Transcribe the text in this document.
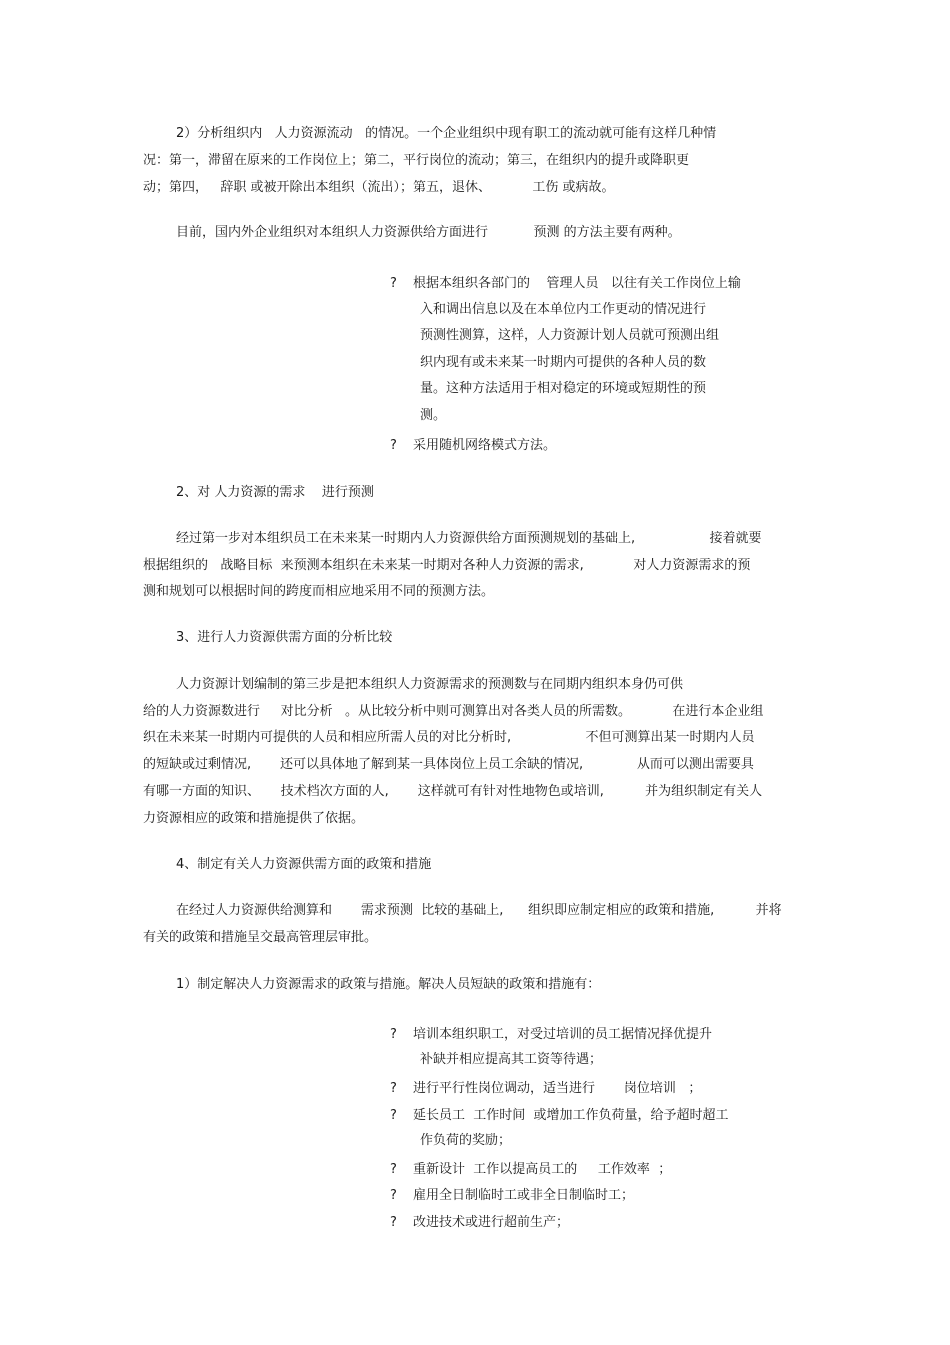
2）分析组织内   人力资源流动   的情况。一个企业组织中现有职工的流动就可能有这样几种情
况：第一，滞留在原来的工作岗位上；第二，平行岗位的流动；第三，在组织内的提升或降职更
动；第四，   辞职 或被开除出本组织（流出）；第五，退休、          工伤 或病故。
目前，国内外企业组织对本组织人力资源供给方面进行           预测 的方法主要有两种。
? 根据本组织各部门的    管理人员   以往有关工作岗位上输
入和调出信息以及在本单位内工作更动的情况进行
预测性测算，这样，人力资源计划人员就可预测出组
织内现有或未来某一时期内可提供的各种人员的数
量。这种方法适用于相对稳定的环境或短期性的预
测。
? 采用随机网络模式方法。
2、对 人力资源的需求    进行预测
经过第一步对本组织员工在未来某一时期内人力资源供给方面预测规划的基础上,                  接着就要
根据组织的   战略目标  来预测本组织在未来某一时期对各种人力资源的需求,            对人力资源需求的预
测和规划可以根据时间的跨度而相应地采用不同的预测方法。
3、进行人力资源供需方面的分析比较
人力资源计划编制的第三步是把本组织人力资源需求的预测数与在同期内组织本身仍可供
给的人力资源数进行     对比分析   。从比较分析中则可测算出对各类人员的所需数。          在进行本企业组
织在未来某一时期内可提供的人员和相应所需人员的对比分析时,                  不但可测算出某一时期内人员
的短缺或过剩情况,       还可以具体地了解到某一具体岗位上员工余缺的情况,             从而可以测出需要具
有哪一方面的知识、     技术档次方面的人,       这样就可有针对性地物色或培训,          并为组织制定有关人
力资源相应的政策和措施提供了依据。
4、制定有关人力资源供需方面的政策和措施
在经过人力资源供给测算和       需求预测  比较的基础上,      组织即应制定相应的政策和措施,          并将
有关的政策和措施呈交最高管理层审批。
1）制定解决人力资源需求的政策与措施。解决人员短缺的政策和措施有：
? 培训本组织职工，对受过培训的员工据情况择优提升
补缺并相应提高其工资等待遇；
? 进行平行性岗位调动，适当进行       岗位培训   ；
? 延长员工  工作时间  或增加工作负荷量，给予超时超工
作负荷的奖励；
? 重新设计  工作以提高员工的     工作效率  ；
? 雇用全日制临时工或非全日制临时工；
? 改进技术或进行超前生产；
